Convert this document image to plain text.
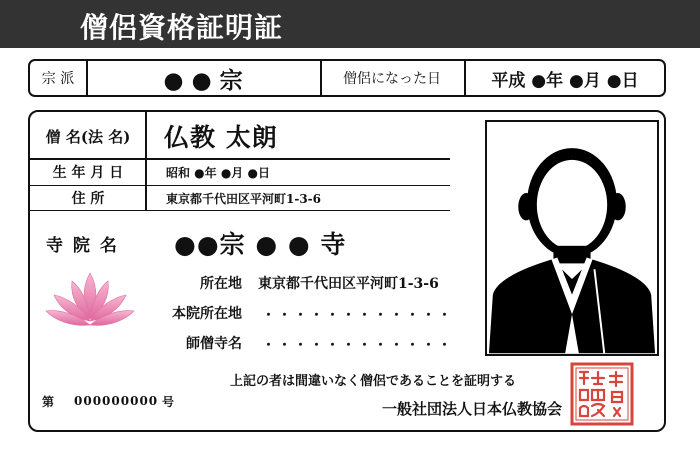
僧侶資格証明証
宗 派	● ● 宗	僧侶になった日	平成 ●年 ●月 ●日
僧 名(法 名)	仏教 太朗
生 年 月 日	昭和 ●年 ●月 ●日
住 所	東京都千代田区平河町1-3-6
寺 院 名 ●●宗 ● ● 寺
所在地 東京都千代田区平河町1-3-6
本院所在地 ・・・・・・・・・・・・
師僧寺名 ・・・・・・・・・・・・
上記の者は間違いなく僧侶であることを証明する
一般社団法人日本仏教協会
第 000000000 号
